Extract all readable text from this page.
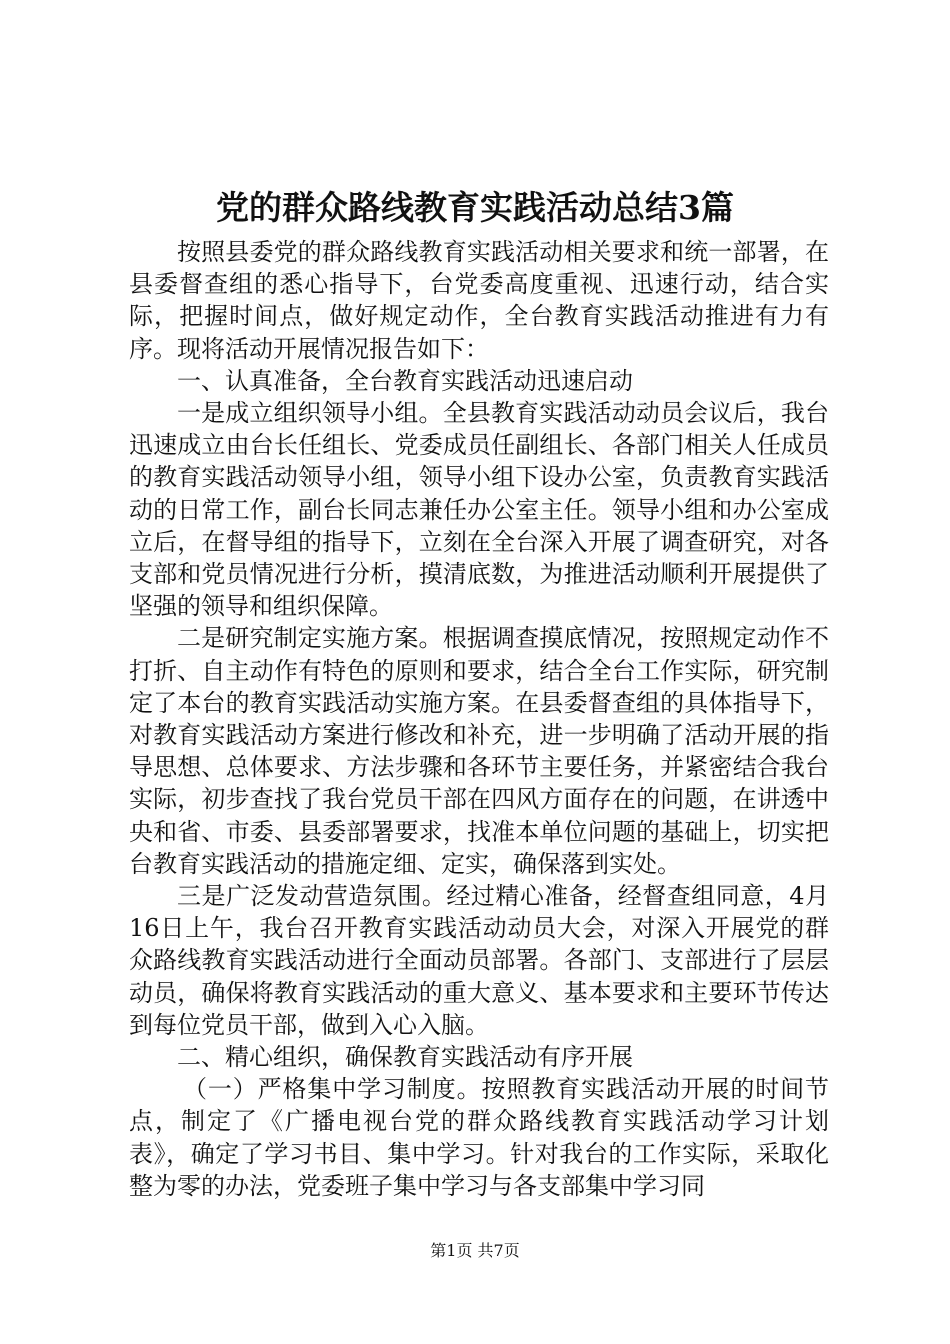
党的群众路线教育实践活动总结3篇

按照县委党的群众路线教育实践活动相关要求和统一部署，在县委督查组的悉心指导下，台党委高度重视、迅速行动，结合实际，把握时间点，做好规定动作，全台教育实践活动推进有力有序。现将活动开展情况报告如下：

一、认真准备，全台教育实践活动迅速启动

一是成立组织领导小组。全县教育实践活动动员会议后，我台迅速成立由台长任组长、党委成员任副组长、各部门相关人任成员的教育实践活动领导小组，领导小组下设办公室，负责教育实践活动的日常工作，副台长同志兼任办公室主任。领导小组和办公室成立后，在督导组的指导下，立刻在全台深入开展了调查研究，对各支部和党员情况进行分析，摸清底数，为推进活动顺利开展提供了坚强的领导和组织保障。

二是研究制定实施方案。根据调查摸底情况，按照规定动作不打折、自主动作有特色的原则和要求，结合全台工作实际，研究制定了本台的教育实践活动实施方案。在县委督查组的具体指导下，对教育实践活动方案进行修改和补充，进一步明确了活动开展的指导思想、总体要求、方法步骤和各环节主要任务，并紧密结合我台实际，初步查找了我台党员干部在四风方面存在的问题，在讲透中央和省、市委、县委部署要求，找准本单位问题的基础上，切实把台教育实践活动的措施定细、定实，确保落到实处。

三是广泛发动营造氛围。经过精心准备，经督查组同意，4月16日上午，我台召开教育实践活动动员大会，对深入开展党的群众路线教育实践活动进行全面动员部署。各部门、支部进行了层层动员，确保将教育实践活动的重大意义、基本要求和主要环节传达到每位党员干部，做到入心入脑。

二、精心组织，确保教育实践活动有序开展

（一）严格集中学习制度。按照教育实践活动开展的时间节点，制定了《广播电视台党的群众路线教育实践活动学习计划表》，确定了学习书目、集中学习。针对我台的工作实际，采取化整为零的办法，党委班子集中学习与各支部集中学习同

第1页 共7页
